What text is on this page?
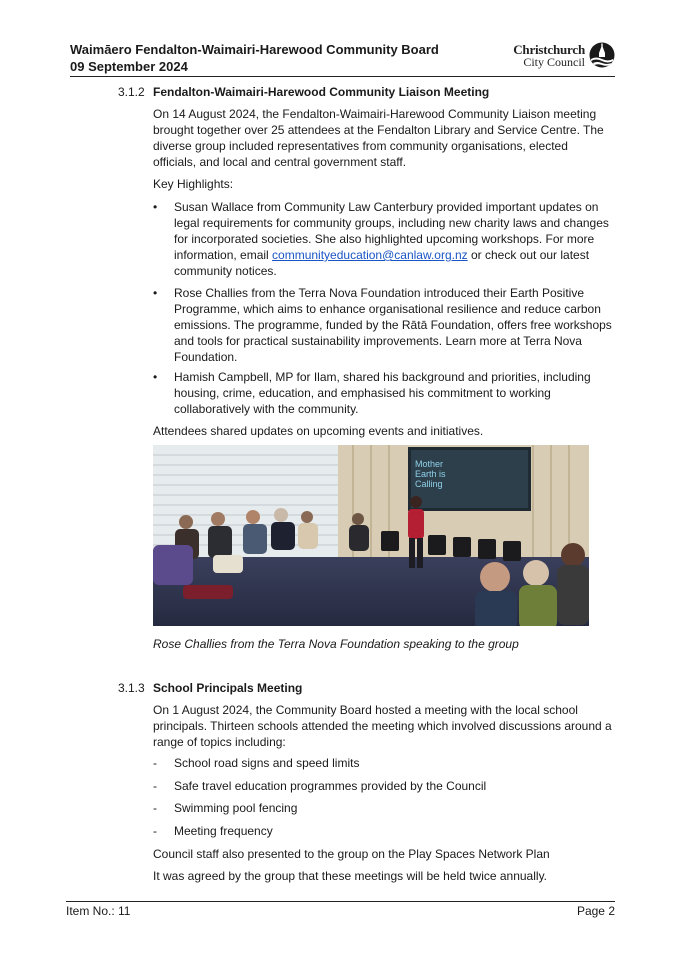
Waimāero Fendalton-Waimairi-Harewood Community Board
09 September 2024
Christchurch
City Council
3.1.2 Fendalton-Waimairi-Harewood Community Liaison Meeting

On 14 August 2024, the Fendalton-Waimairi-Harewood Community Liaison meeting brought together over 25 attendees at the Fendalton Library and Service Centre. The diverse group included representatives from community organisations, elected officials, and local and central government staff.

Key Highlights:

• Susan Wallace from Community Law Canterbury provided important updates on legal requirements for community groups, including new charity laws and changes for incorporated societies. She also highlighted upcoming workshops. For more information, email communityeducation@canlaw.org.nz or check out our latest community notices.
• Rose Challies from the Terra Nova Foundation introduced their Earth Positive Programme, which aims to enhance organisational resilience and reduce carbon emissions. The programme, funded by the Rātā Foundation, offers free workshops and tools for practical sustainability improvements. Learn more at Terra Nova Foundation.
• Hamish Campbell, MP for Ilam, shared his background and priorities, including housing, crime, education, and emphasised his commitment to working collaboratively with the community.

Attendees shared updates on upcoming events and initiatives.

Mother Earth is Calling
Rose Challies from the Terra Nova Foundation speaking to the group
3.1.3 School Principals Meeting

On 1 August 2024, the Community Board hosted a meeting with the local school principals. Thirteen schools attended the meeting which involved discussions around a range of topics including:

- School road signs and speed limits
- Safe travel education programmes provided by the Council
- Swimming pool fencing
- Meeting frequency

Council staff also presented to the group on the Play Spaces Network Plan

It was agreed by the group that these meetings will be held twice annually.

Item No.: 11	Page 2
